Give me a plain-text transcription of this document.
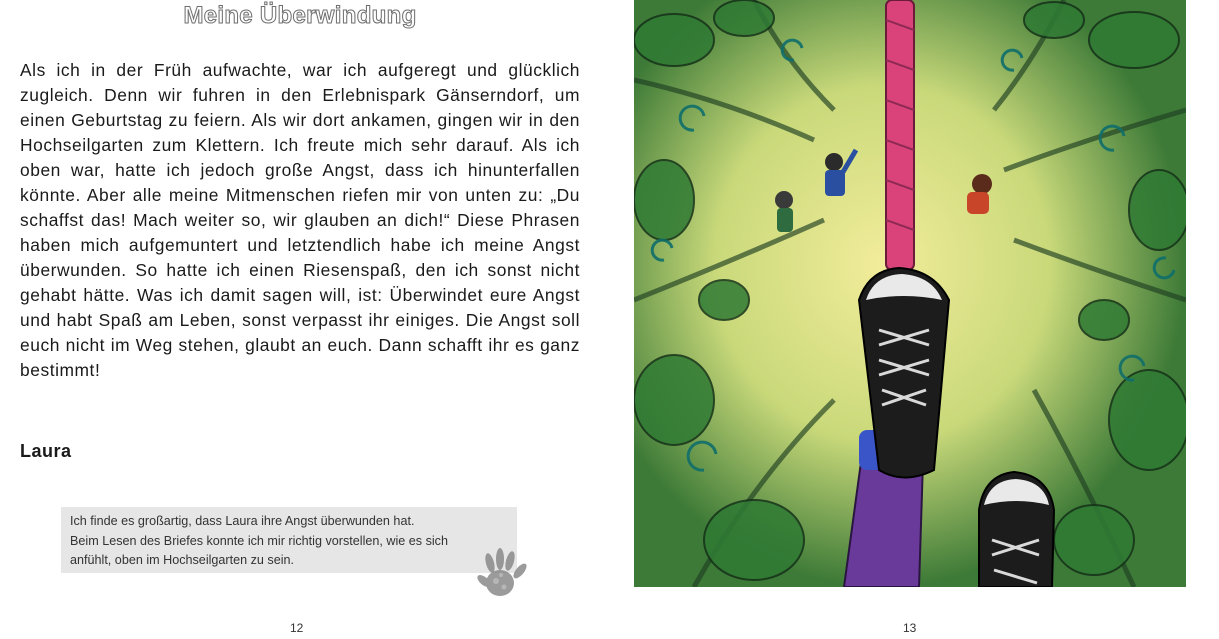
Meine Überwindung
Als ich in der Früh aufwachte, war ich aufgeregt und glücklich zugleich. Denn wir fuhren in den Erlebnispark Gänserndorf, um einen Geburtstag zu feiern. Als wir dort ankamen, gingen wir in den Hochseilgarten zum Klettern. Ich freute mich sehr darauf. Als ich oben war, hatte ich jedoch große Angst, dass ich hinunterfallen könnte. Aber alle meine Mitmenschen riefen mir von unten zu: „Du schaffst das! Mach weiter so, wir glauben an dich!“ Diese Phrasen haben mich aufgemuntert und letztendlich habe ich meine Angst überwunden. So hatte ich einen Riesenspaß, den ich sonst nicht gehabt hätte. Was ich damit sagen will, ist: Überwindet eure Angst und habt Spaß am Leben, sonst verpasst ihr einiges. Die Angst soll euch nicht im Weg stehen, glaubt an euch. Dann schafft ihr es ganz bestimmt!
Laura
Ich finde es großartig, dass Laura ihre Angst überwunden hat.
Beim Lesen des Briefes konnte ich mir richtig vorstellen, wie es sich
anfühlt, oben im Hochseilgarten zu sein.
12	13
